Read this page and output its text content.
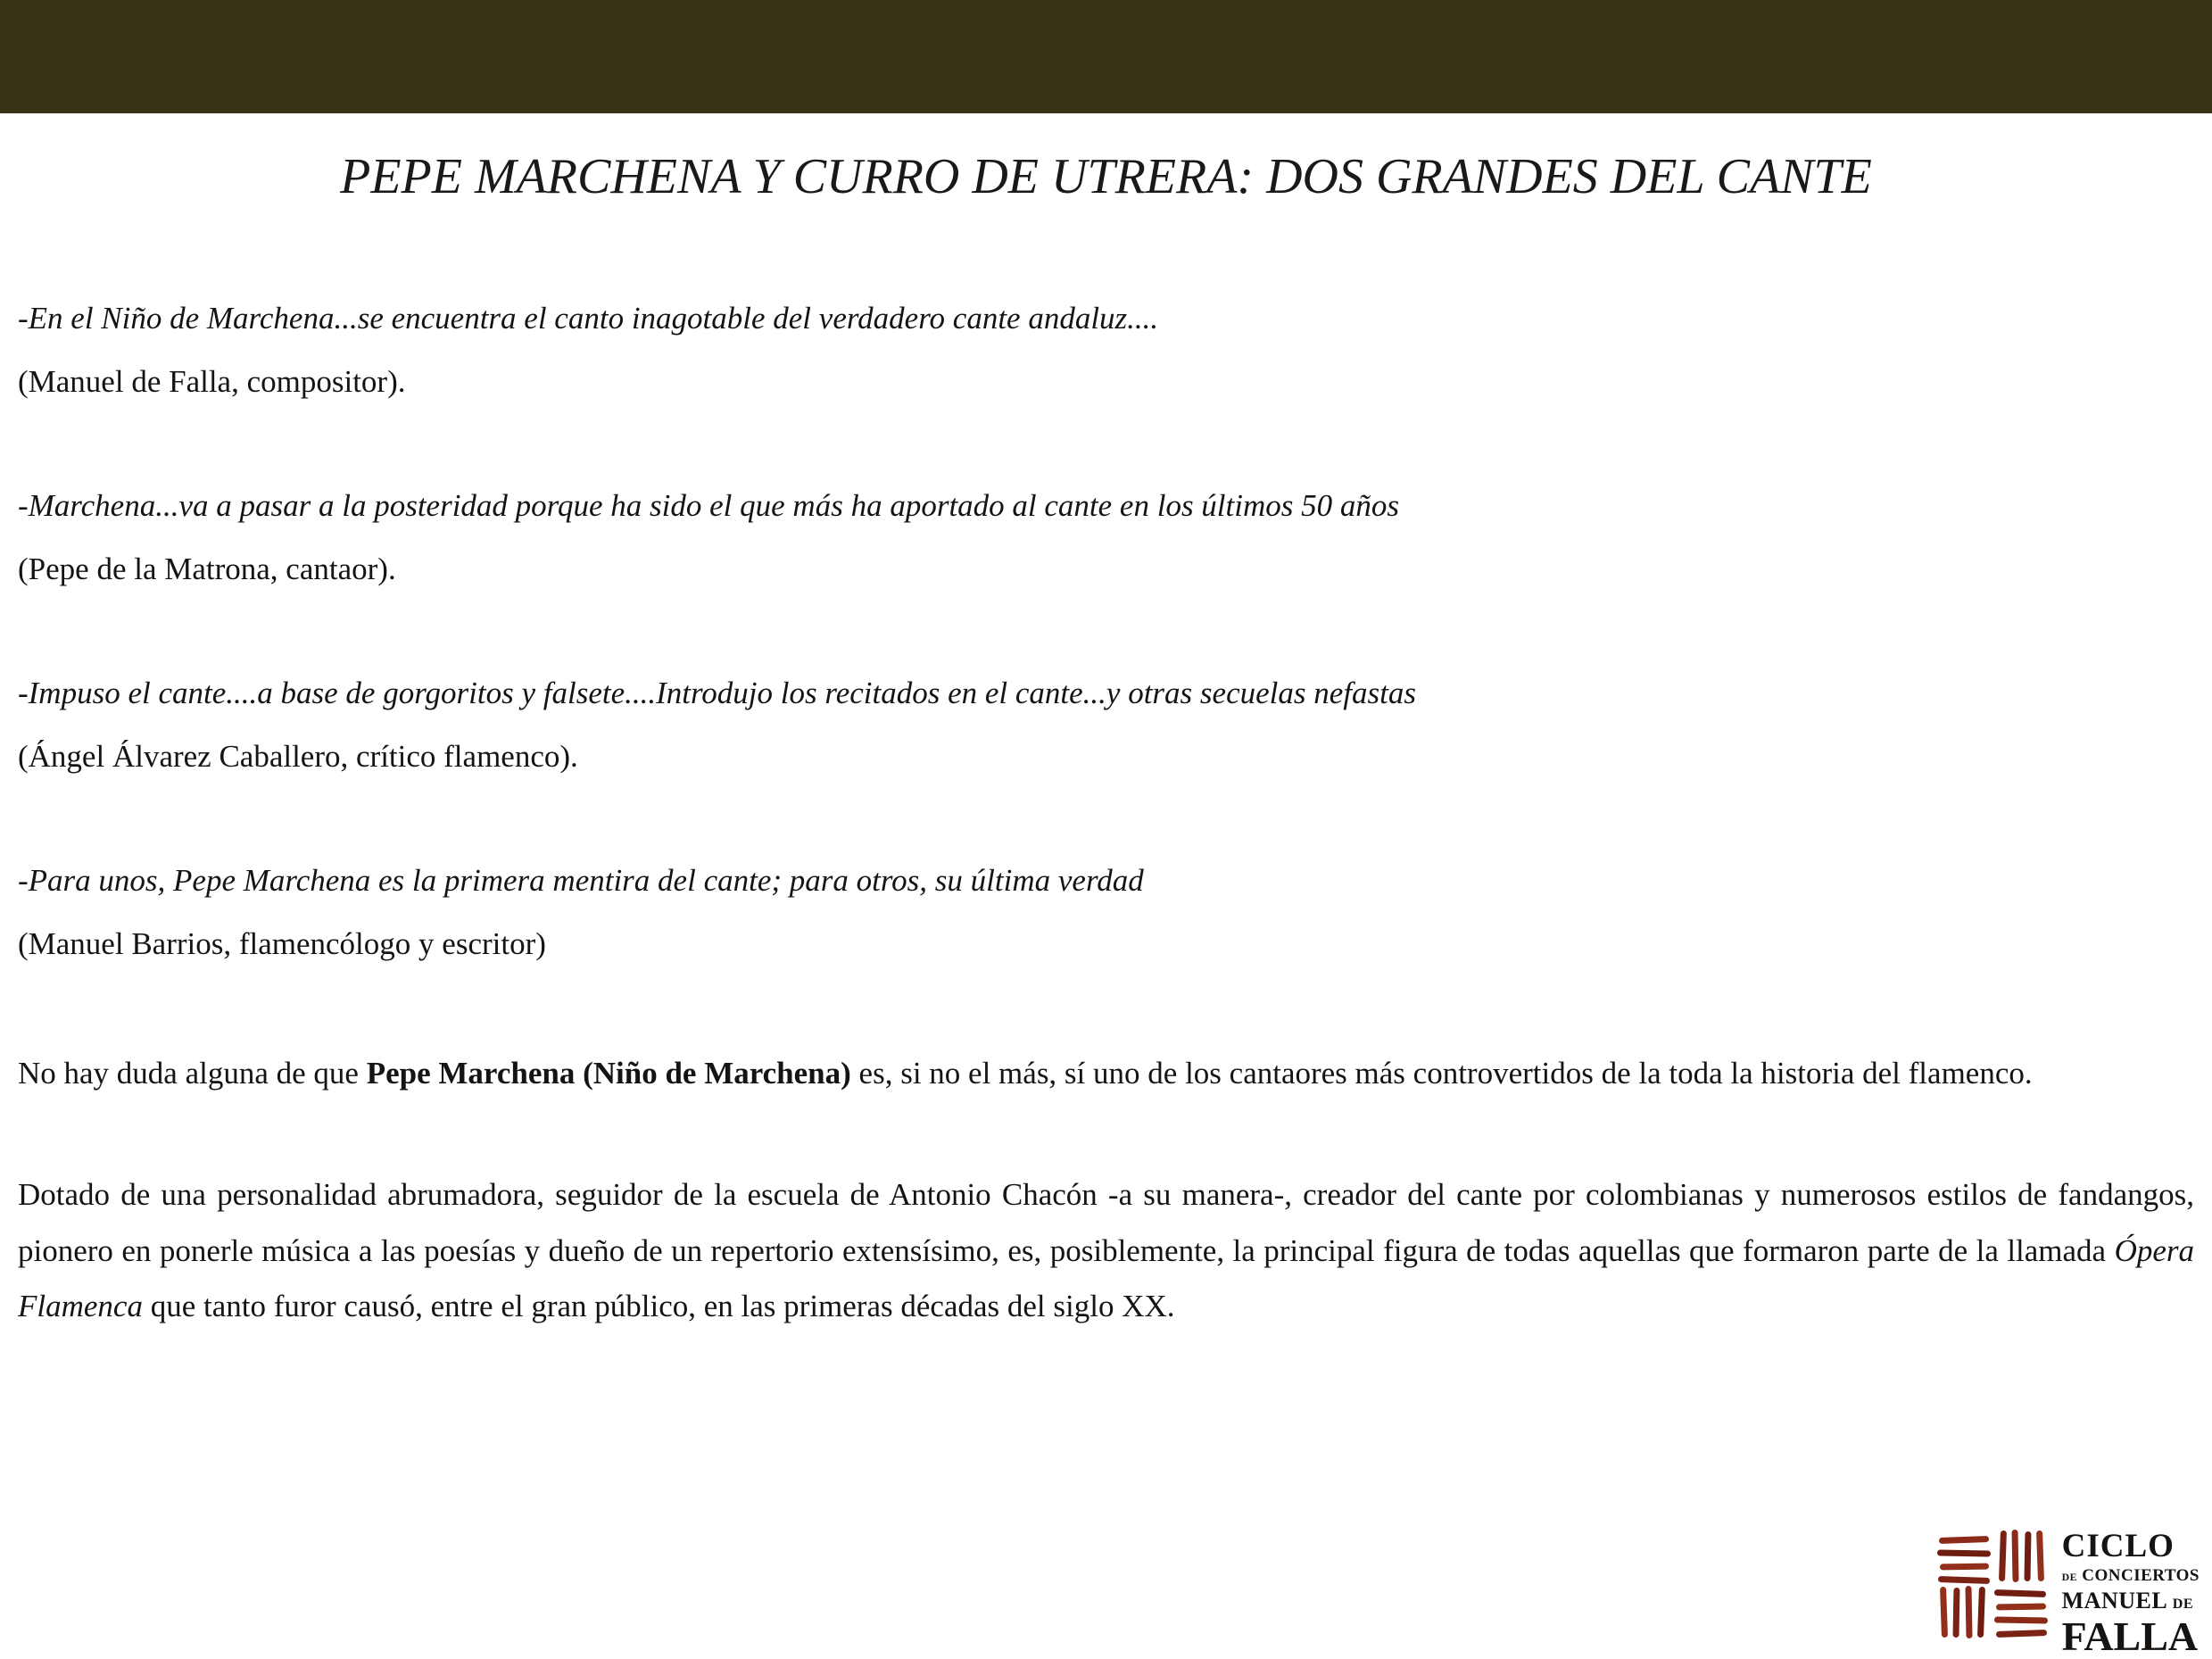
PEPE MARCHENA Y CURRO DE UTRERA: DOS GRANDES DEL CANTE

-En el Niño de Marchena...se encuentra el canto inagotable del verdadero cante andaluz....

(Manuel de Falla, compositor).

-Marchena...va a pasar a la posteridad porque ha sido el que más ha aportado al cante en los últimos 50 años

(Pepe de la Matrona, cantaor).

-Impuso el cante....a base de gorgoritos y falsete....Introdujo los recitados en el cante...y otras secuelas nefastas

(Ángel Álvarez Caballero, crítico flamenco).

-Para unos, Pepe Marchena es la primera mentira del cante; para otros, su última verdad

(Manuel Barrios, flamencólogo y escritor)

No hay duda alguna de que Pepe Marchena (Niño de Marchena) es, si no el más, sí uno de los cantaores más controvertidos de la toda la historia del flamenco.

Dotado de una personalidad abrumadora, seguidor de la escuela de Antonio Chacón -a su manera-, creador del cante por colombianas y numerosos estilos de fandangos, pionero en ponerle música a las poesías y dueño de un repertorio extensísimo, es, posiblemente, la principal figura de todas aquellas que formaron parte de la llamada Ópera Flamenca que tanto furor causó, entre el gran público, en las primeras décadas del siglo XX.

CICLO
DE CONCIERTOS
MANUEL DE
FALLA
